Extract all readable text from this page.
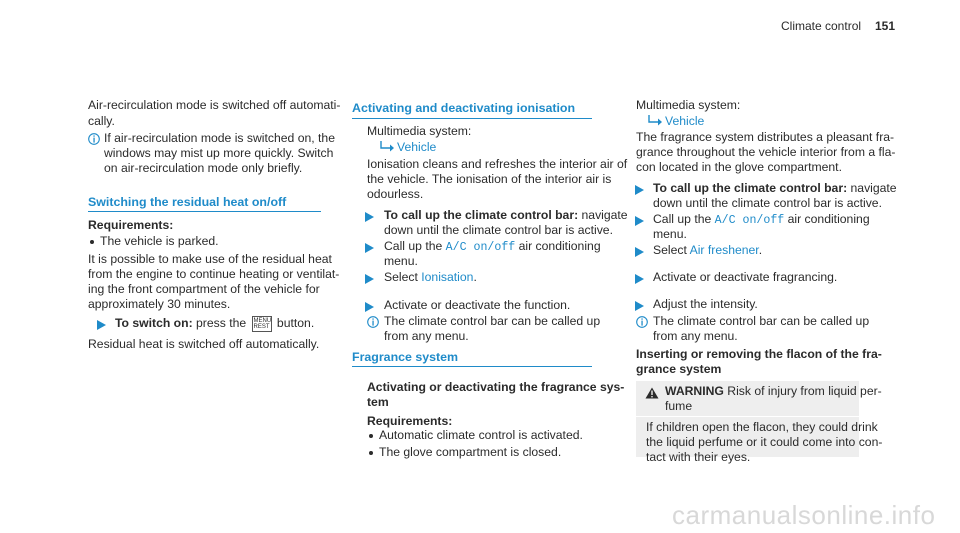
Climate control 151
Air-recirculation mode is switched off automati-
cally.
If air-recirculation mode is switched on, the
windows may mist up more quickly. Switch
on air-recirculation mode only briefly.
Switching the residual heat on/off
Requirements:
The vehicle is parked.
It is possible to make use of the residual heat
from the engine to continue heating or ventilat-
ing the front compartment of the vehicle for
approximately 30 minutes.
To switch on: press the MENU
REST button.
Residual heat is switched off automatically.
Activating and deactivating ionisation
Multimedia system:
Vehicle
Ionisation cleans and refreshes the interior air of
the vehicle. The ionisation of the interior air is
odourless.
To call up the climate control bar: navigate
down until the climate control bar is active.
Call up the A/C on/off air conditioning
menu.
Select Ionisation.
Activate or deactivate the function.
The climate control bar can be called up
from any menu.
Fragrance system
Activating or deactivating the fragrance sys-
tem
Requirements:
Automatic climate control is activated.
The glove compartment is closed.
Multimedia system:
Vehicle
The fragrance system distributes a pleasant fra-
grance throughout the vehicle interior from a fla-
con located in the glove compartment.
To call up the climate control bar: navigate
down until the climate control bar is active.
Call up the A/C on/off air conditioning
menu.
Select Air freshener.
Activate or deactivate fragrancing.
Adjust the intensity.
The climate control bar can be called up
from any menu.
Inserting or removing the flacon of the fra-
grance system
WARNING Risk of injury from liquid per-
fume
If children open the flacon, they could drink
the liquid perfume or it could come into con-
tact with their eyes.
carmanualsonline.info
